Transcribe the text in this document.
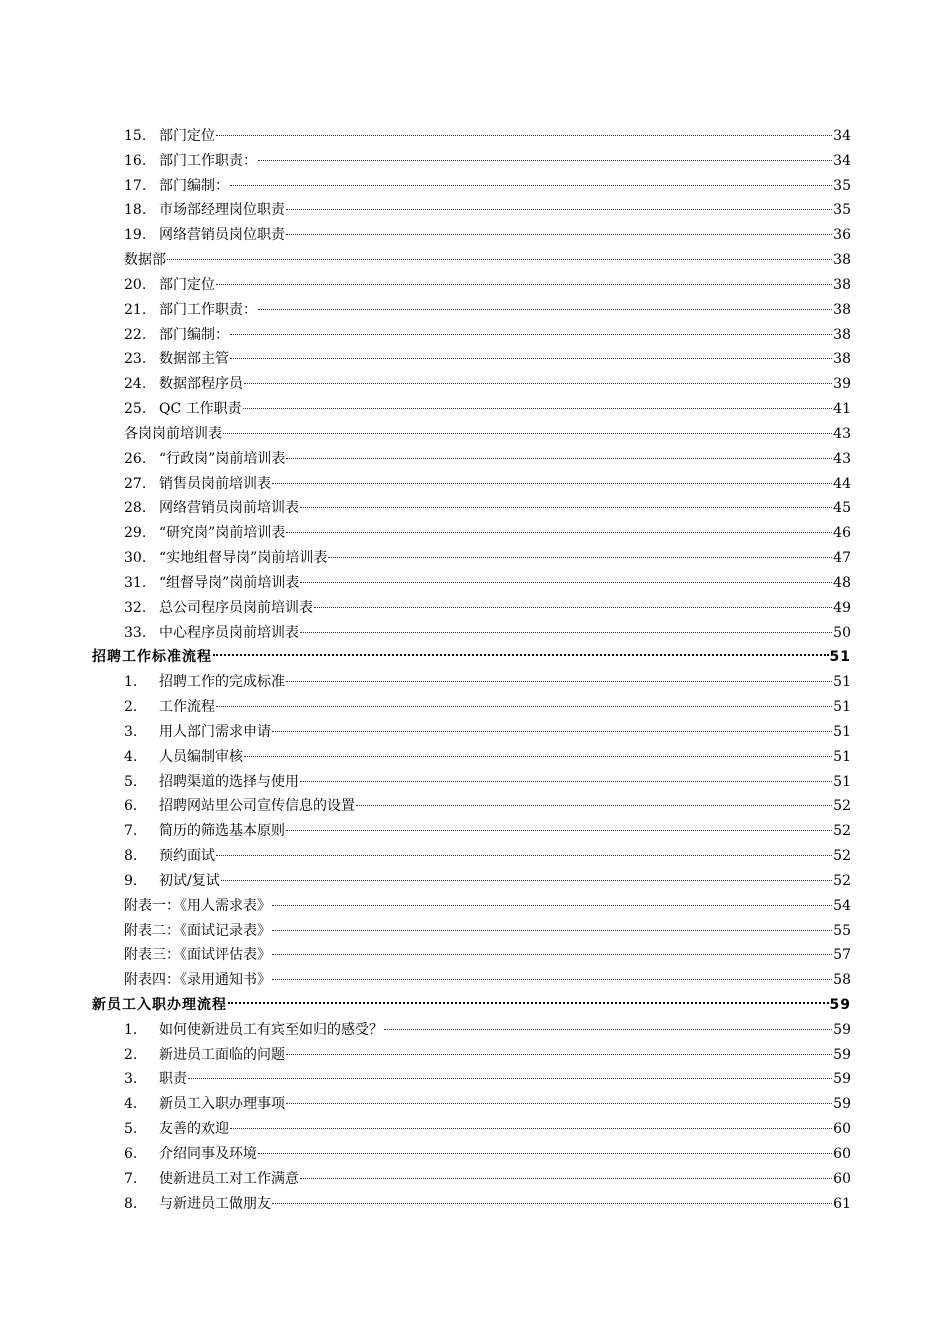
15. 部门定位	34
16. 部门工作职责：	34
17. 部门编制：	35
18. 市场部经理岗位职责	35
19. 网络营销员岗位职责	36
数据部	38
20. 部门定位	38
21. 部门工作职责：	38
22. 部门编制：	38
23. 数据部主管	38
24. 数据部程序员	39
25. QC 工作职责	41
各岗岗前培训表	43
26. “行政岗”岗前培训表	43
27. 销售员岗前培训表	44
28. 网络营销员岗前培训表	45
29. “研究岗”岗前培训表	46
30. “实地组督导岗”岗前培训表	47
31. “组督导岗”岗前培训表	48
32. 总公司程序员岗前培训表	49
33. 中心程序员岗前培训表	50
招聘工作标准流程	51
1.	招聘工作的完成标准	51
2.	工作流程	51
3.	用人部门需求申请	51
4.	人员编制审核	51
5.	招聘渠道的选择与使用	51
6.	招聘网站里公司宣传信息的设置	52
7.	简历的筛选基本原则	52
8.	预约面试	52
9.	初试/复试	52
附表一：《用人需求表》	54
附表二：《面试记录表》	55
附表三：《面试评估表》	57
附表四：《录用通知书》	58
新员工入职办理流程	59
1.	如何使新进员工有宾至如归的感受？	59
2.	新进员工面临的问题	59
3.	职责	59
4.	新员工入职办理事项	59
5.	友善的欢迎	60
6.	介绍同事及环境	60
7.	使新进员工对工作满意	60
8.	与新进员工做朋友	61
